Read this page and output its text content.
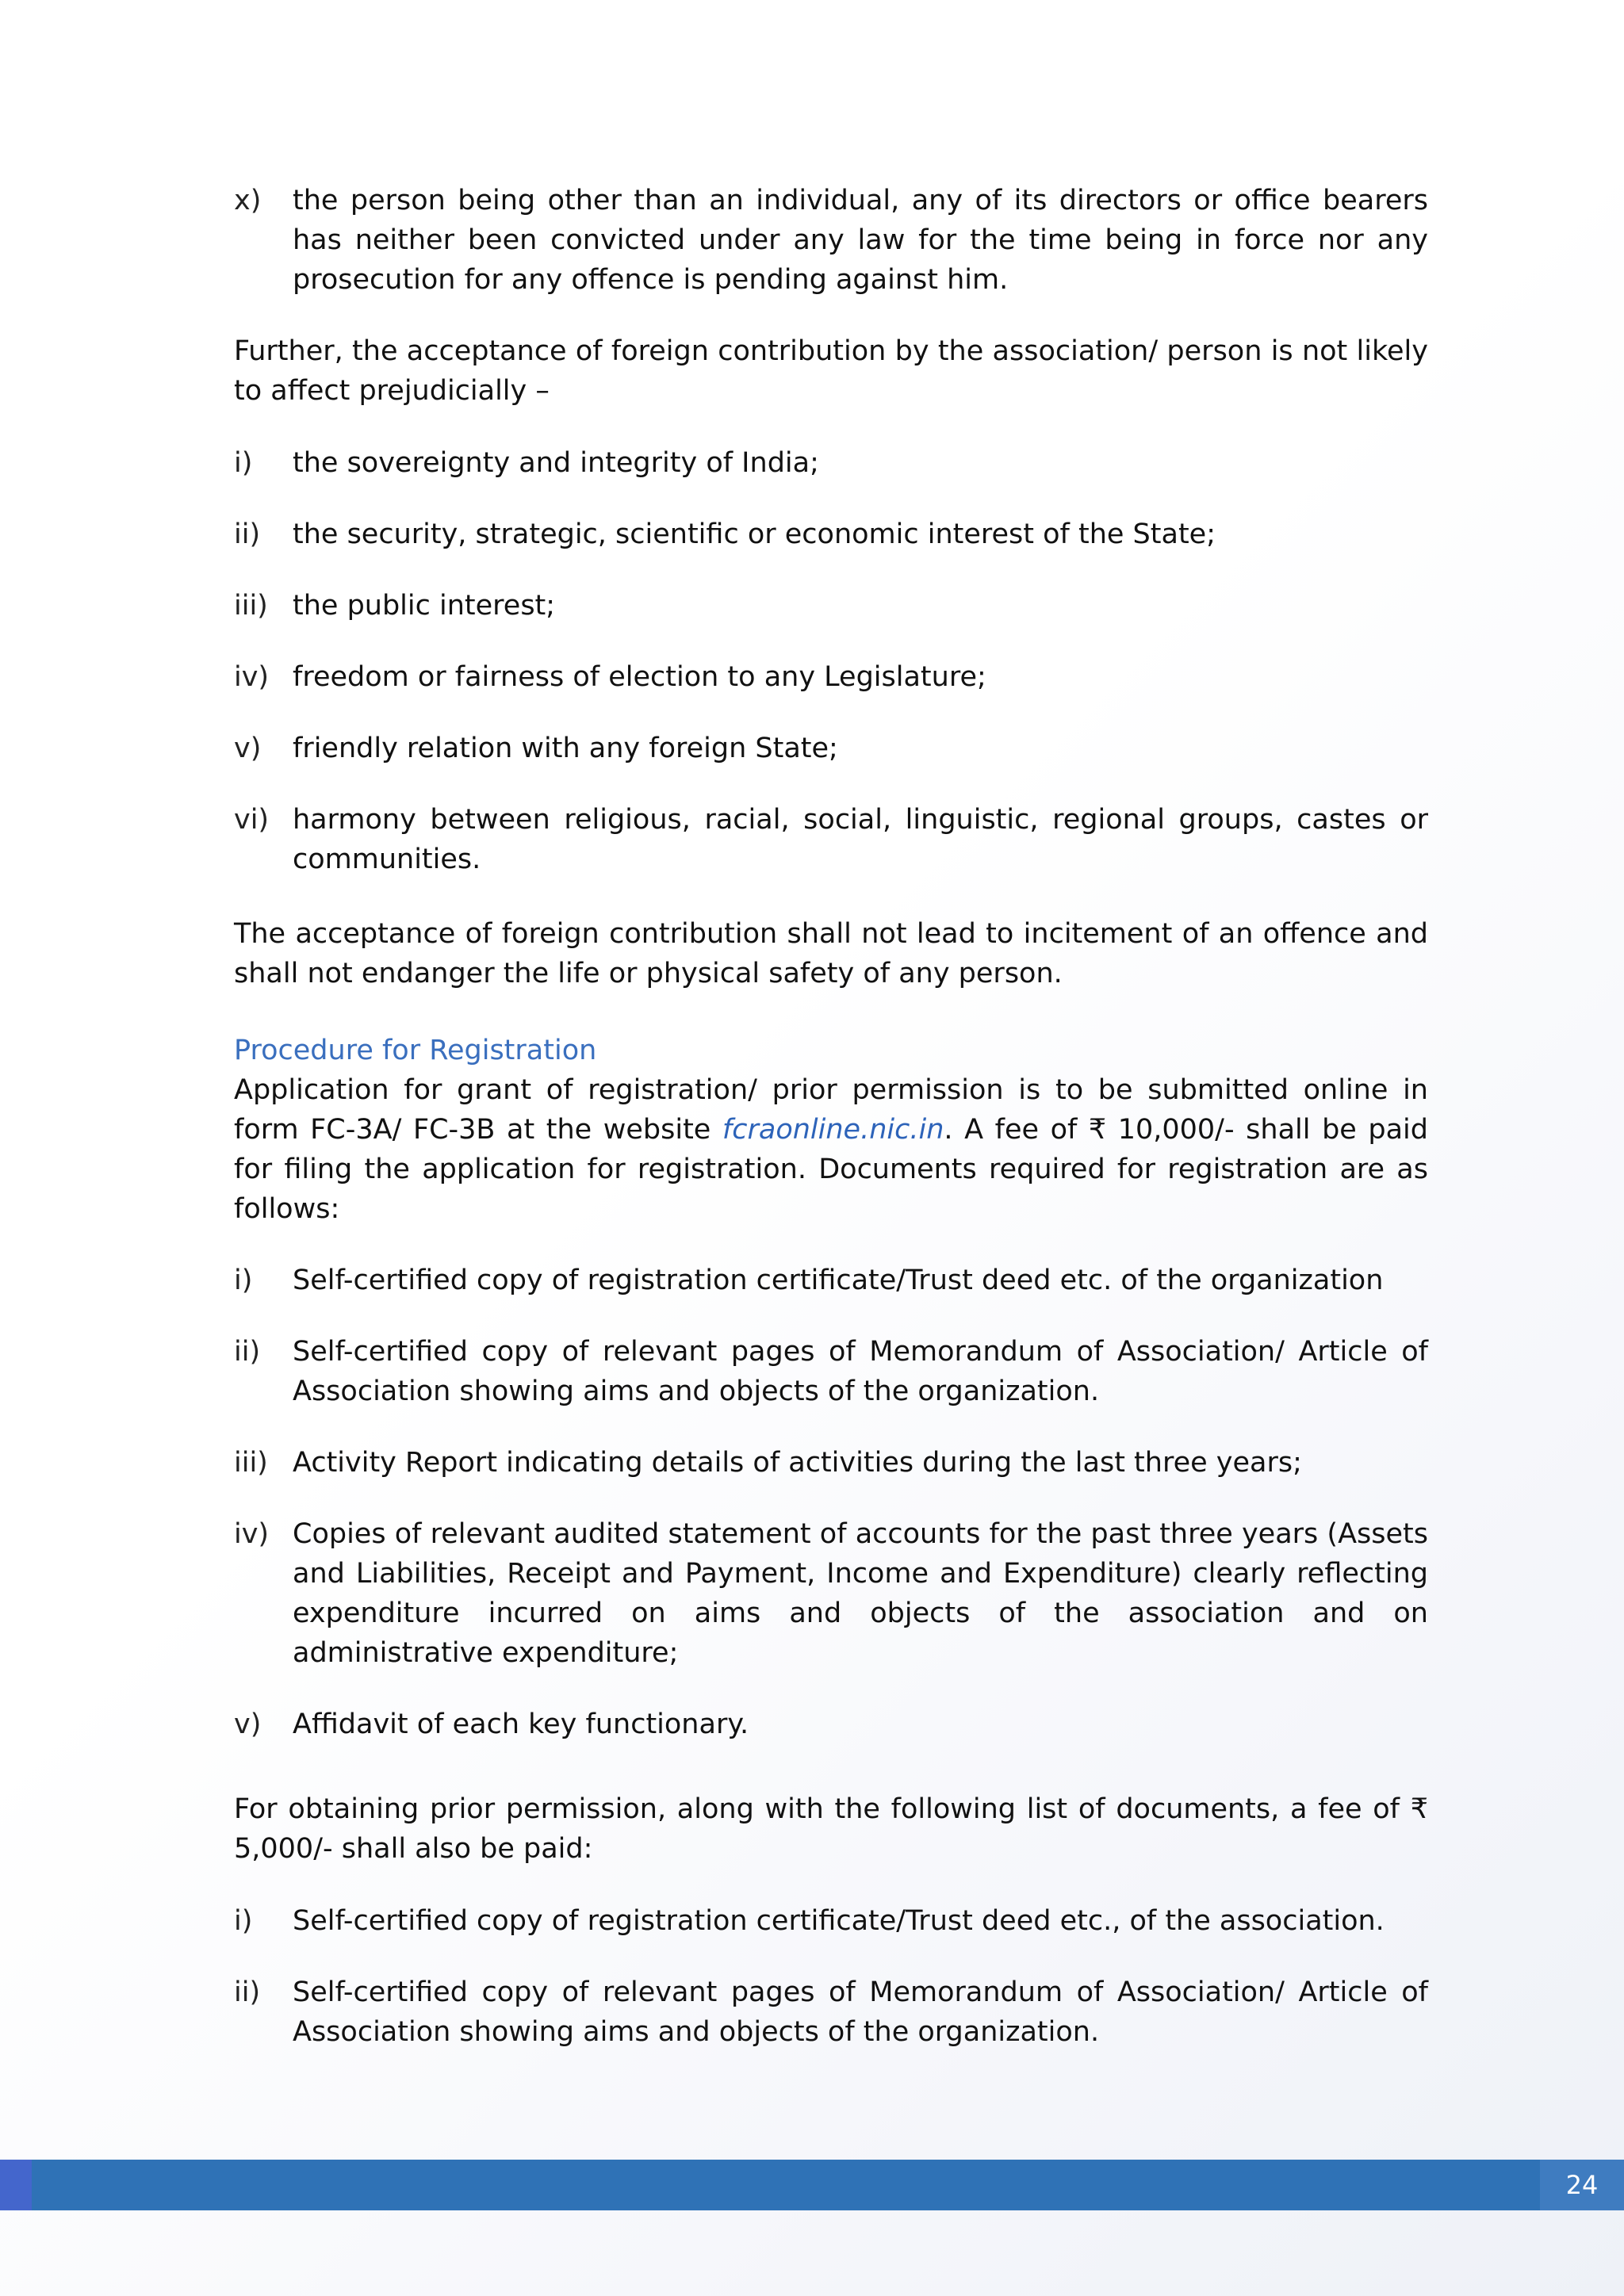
x)	the person being other than an individual, any of its directors or office bearers has neither been convicted under any law for the time being in force nor any prosecution for any offence is pending against him.

Further, the acceptance of foreign contribution by the association/ person is not likely to affect prejudicially –

i)	the sovereignty and integrity of India;
ii)	the security, strategic, scientific or economic interest of the State;
iii) the public interest;
iv) freedom or fairness of election to any Legislature;
v)	friendly relation with any foreign State;
vi) harmony between religious, racial, social, linguistic, regional groups, castes or communities.

The acceptance of foreign contribution shall not lead to incitement of an offence and shall not endanger the life or physical safety of any person.

Procedure for Registration

Application for grant of registration/ prior permission is to be submitted online in form FC-3A/ FC-3B at the website fcraonline.nic.in. A fee of ₹ 10,000/- shall be paid for filing the application for registration. Documents required for registration are as follows:

i)	Self-certified copy of registration certificate/Trust deed etc. of the organization
ii)	Self-certified copy of relevant pages of Memorandum of Association/ Article of Association showing aims and objects of the organization.
iii) Activity Report indicating details of activities during the last three years;
iv) Copies of relevant audited statement of accounts for the past three years (Assets and Liabilities, Receipt and Payment, Income and Expenditure) clearly reflecting expenditure incurred on aims and objects of the association and on administrative expenditure;
v)	Affidavit of each key functionary.

For obtaining prior permission, along with the following list of documents, a fee of ₹ 5,000/- shall also be paid:

i)	Self-certified copy of registration certificate/Trust deed etc., of the association.
ii)	Self-certified copy of relevant pages of Memorandum of Association/ Article of Association showing aims and objects of the organization.
24
